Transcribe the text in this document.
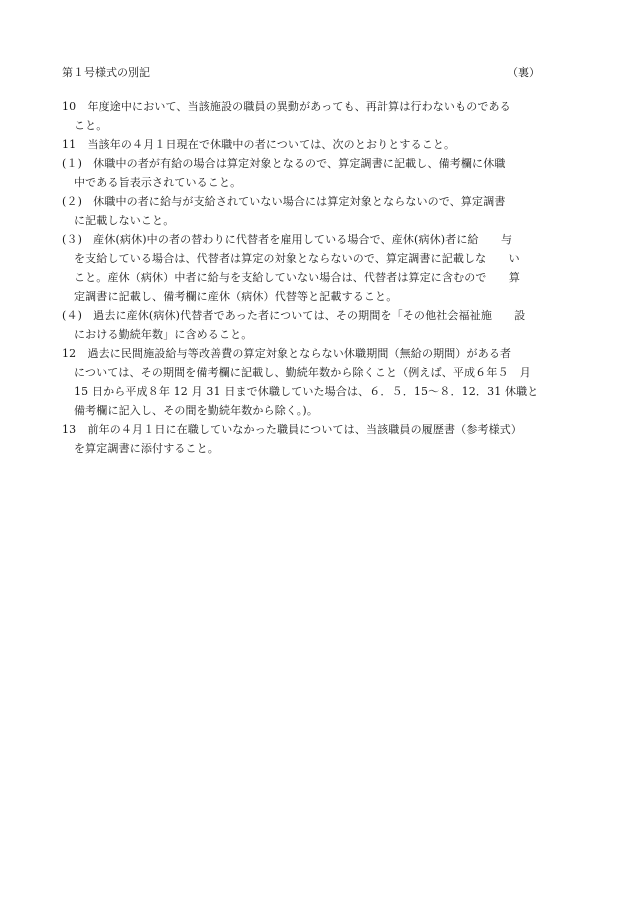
第１号様式の別記	（裏）
10　年度途中において、当該施設の職員の異動があっても、再計算は行わないものである
こと。
11　当該年の４月１日現在で休職中の者については、次のとおりとすること。
(１)　休職中の者が有給の場合は算定対象となるので、算定調書に記載し、備考欄に休職
中である旨表示されていること。
(２)　休職中の者に給与が支給されていない場合には算定対象とならないので、算定調書
に記載しないこと。
(３)　産休(病休)中の者の替わりに代替者を雇用している場合で、産休(病休)者に給　　与
を支給している場合は、代替者は算定の対象とならないので、算定調書に記載しな　　い
こと。産休（病休）中者に給与を支給していない場合は、代替者は算定に含むので　　算
定調書に記載し、備考欄に産休（病休）代替等と記載すること。
(４)　過去に産休(病休)代替者であった者については、その期間を「その他社会福祉施　　設
における勤続年数」に含めること。
12　過去に民間施設給与等改善費の算定対象とならない休職期間（無給の期間）がある者
については、その期間を備考欄に記載し、勤続年数から除くこと（例えば、平成６年５　月
15 日から平成８年 12 月 31 日まで休職していた場合は、６．５．15～８．12．31 休職と
備考欄に記入し、その間を勤続年数から除く。)。
13　前年の４月１日に在職していなかった職員については、当該職員の履歴書（参考様式）
を算定調書に添付すること。
